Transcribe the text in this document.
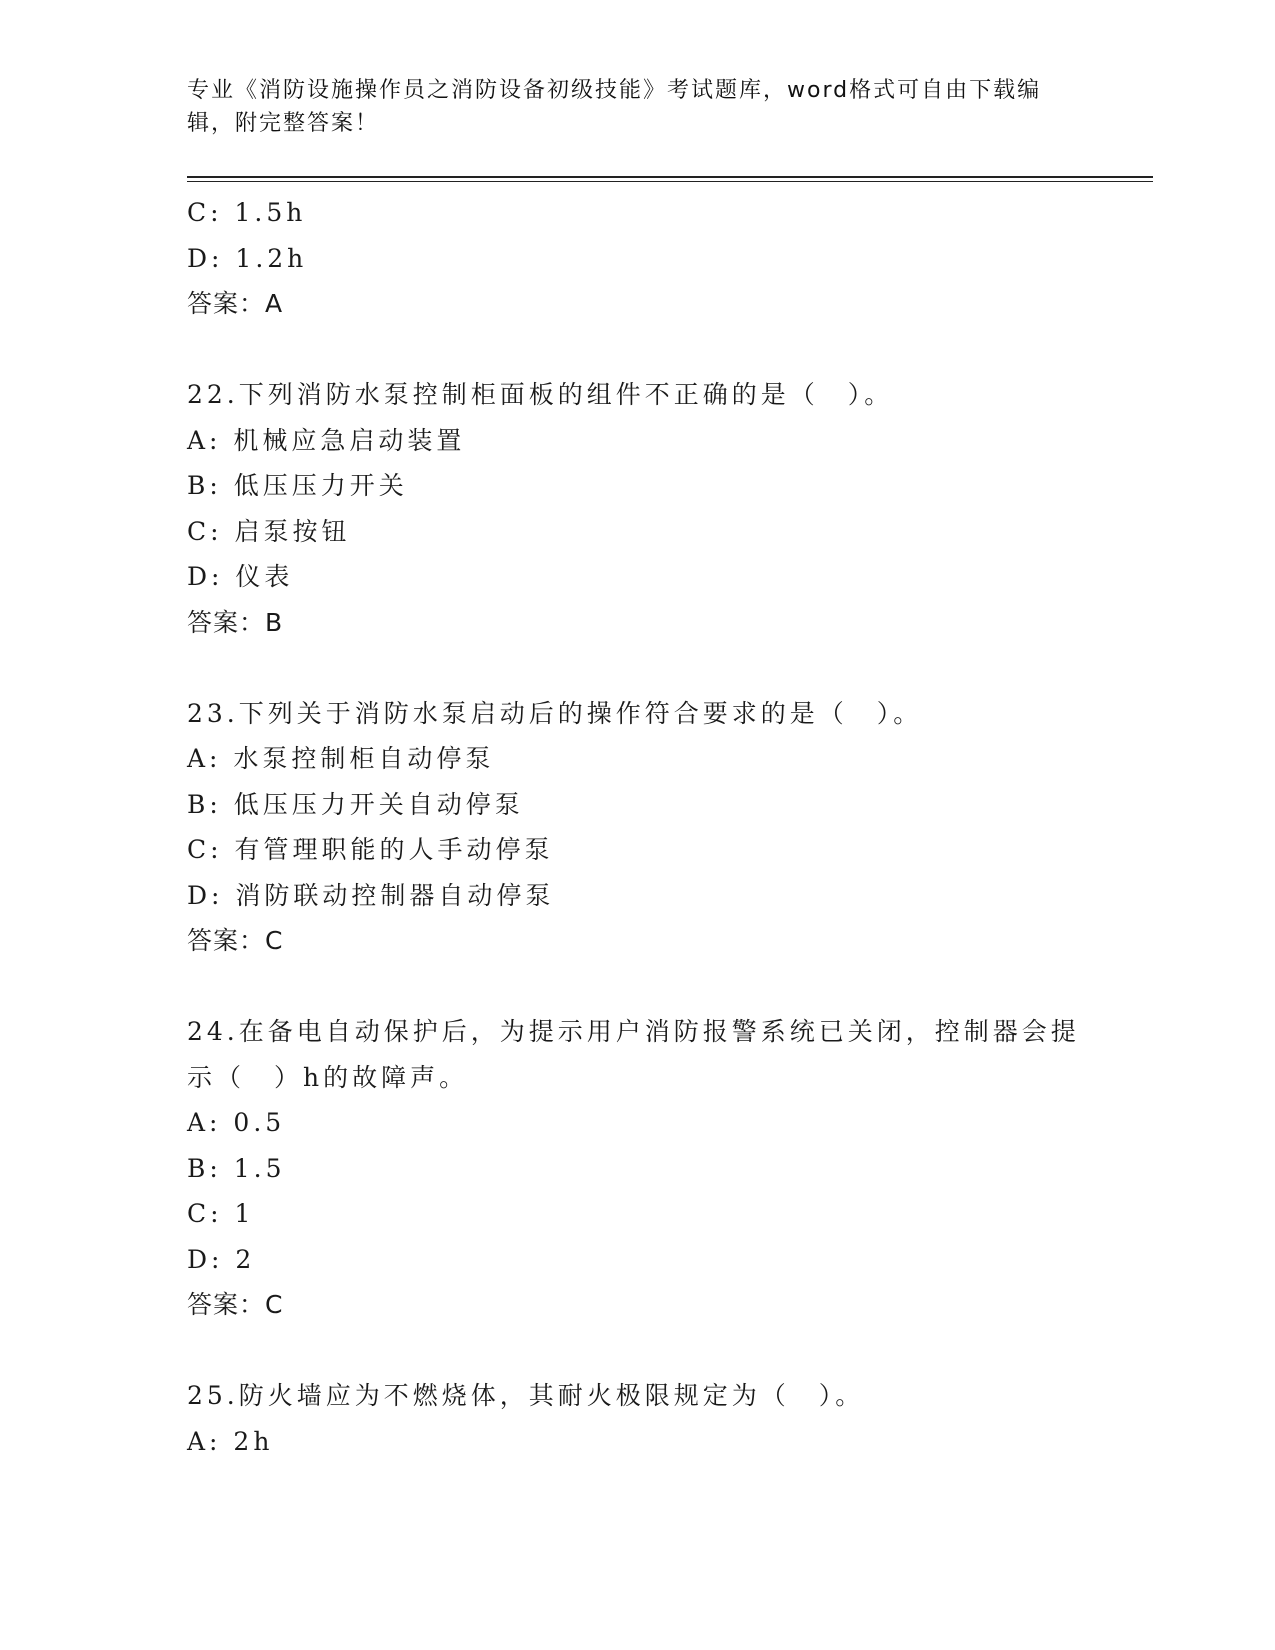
专业《消防设施操作员之消防设备初级技能》考试题库，word格式可自由下载编
辑，附完整答案！
C: 1.5h
D: 1.2h
答案：A
22.下列消防水泵控制柜面板的组件不正确的是（　）。
A: 机械应急启动装置
B: 低压压力开关
C: 启泵按钮
D: 仪表
答案：B
23.下列关于消防水泵启动后的操作符合要求的是（　）。
A: 水泵控制柜自动停泵
B: 低压压力开关自动停泵
C: 有管理职能的人手动停泵
D: 消防联动控制器自动停泵
答案：C
24.在备电自动保护后，为提示用户消防报警系统已关闭，控制器会提
示（　）h的故障声。
A: 0.5
B: 1.5
C: 1
D: 2
答案：C
25.防火墙应为不燃烧体，其耐火极限规定为（　）。
A: 2h
